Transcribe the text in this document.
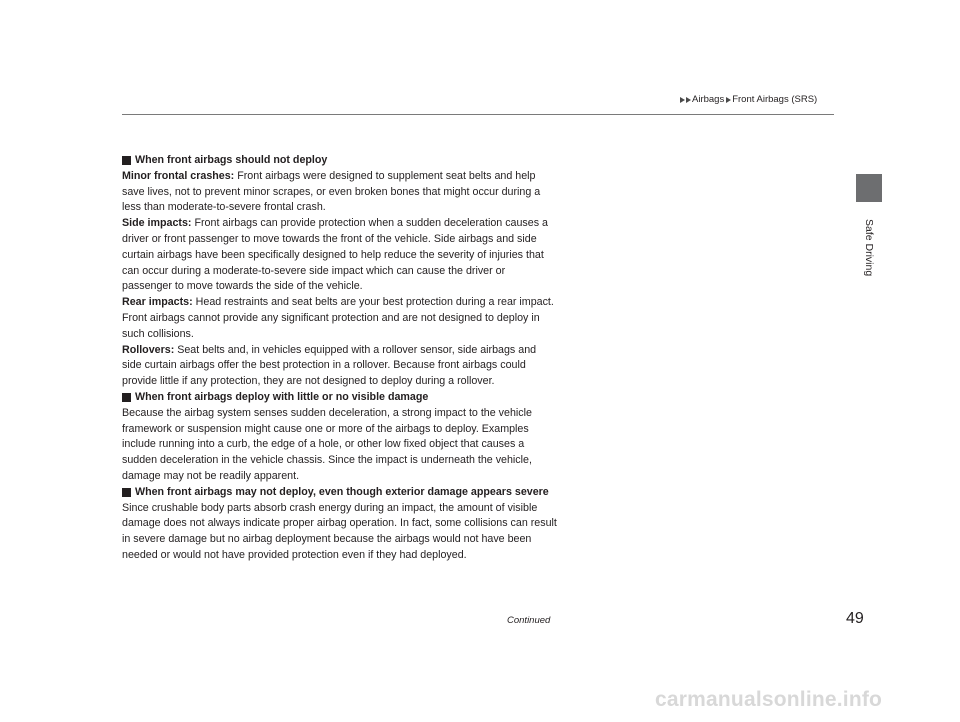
Airbags Front Airbags (SRS)
Safe Driving
When front airbags should not deploy

Minor frontal crashes: Front airbags were designed to supplement seat belts and help save lives, not to prevent minor scrapes, or even broken bones that might occur during a less than moderate-to-severe frontal crash.

Side impacts: Front airbags can provide protection when a sudden deceleration causes a driver or front passenger to move towards the front of the vehicle. Side airbags and side curtain airbags have been specifically designed to help reduce the severity of injuries that can occur during a moderate-to-severe side impact which can cause the driver or passenger to move towards the side of the vehicle.

Rear impacts: Head restraints and seat belts are your best protection during a rear impact. Front airbags cannot provide any significant protection and are not designed to deploy in such collisions.

Rollovers: Seat belts and, in vehicles equipped with a rollover sensor, side airbags and side curtain airbags offer the best protection in a rollover. Because front airbags could provide little if any protection, they are not designed to deploy during a rollover.

When front airbags deploy with little or no visible damage

Because the airbag system senses sudden deceleration, a strong impact to the vehicle framework or suspension might cause one or more of the airbags to deploy. Examples include running into a curb, the edge of a hole, or other low fixed object that causes a sudden deceleration in the vehicle chassis. Since the impact is underneath the vehicle, damage may not be readily apparent.

When front airbags may not deploy, even though exterior damage appears severe

Since crushable body parts absorb crash energy during an impact, the amount of visible damage does not always indicate proper airbag operation. In fact, some collisions can result in severe damage but no airbag deployment because the airbags would not have been needed or would not have provided protection even if they had deployed.

Continued	49
carmanualsonline.info
